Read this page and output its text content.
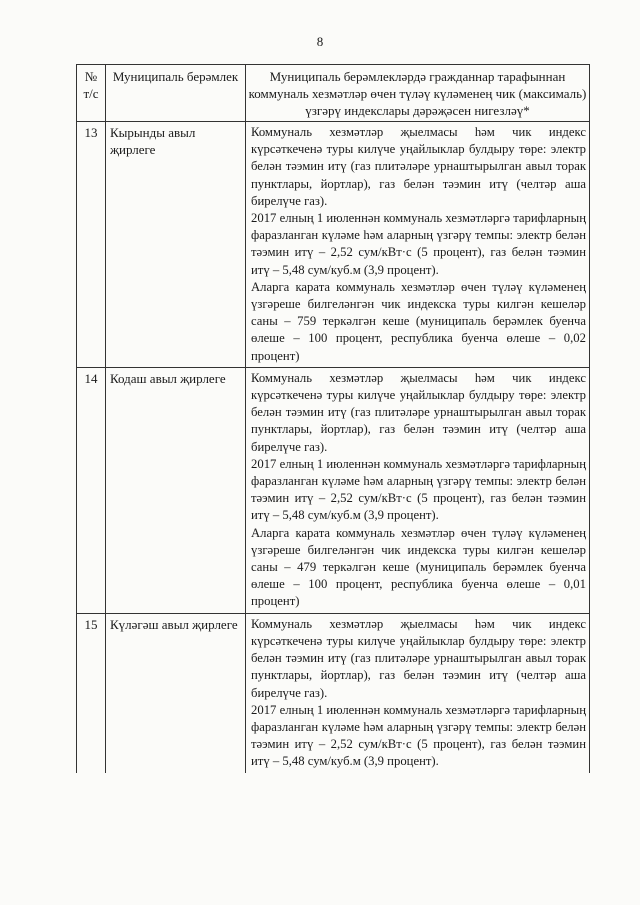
8
№ т/с	Муниципаль берәмлек	Муниципаль берәмлекләрдә гражданнар тарафыннан коммуналь хезмәтләр өчен түләү күләменең чик (максималь) үзгәрү индекслары дәрәҗәсен нигезләү*
13	Кырынды авыл җирлеге	Коммуналь хезмәтләр җыелмасы һәм чик индекс күрсәткеченә туры килүче уңайлыклар булдыру төре: электр белән тәэмин итү (газ плитәләре урнаштырылган авыл торак пунктлары, йортлар), газ белән тәэмин итү (челтәр аша бирелүче газ).

2017 елның 1 июленнән коммуналь хезмәтләргә тарифларның фаразланган күләме һәм аларның үзгәрү темпы: электр белән тәэмин итү – 2,52 сум/кВт·с (5 процент), газ белән тәэмин итү – 5,48 сум/куб.м (3,9 процент).

Аларга карата коммуналь хезмәтләр өчен түләү күләменең үзгәреше билгеләнгән чик индекска туры килгән кешеләр саны – 759 теркәлгән кеше (муниципаль берәмлек буенча өлеше – 100 процент, республика буенча өлеше – 0,02 процент)

14	Кодаш авыл җирлеге	Коммуналь хезмәтләр җыелмасы һәм чик индекс күрсәткеченә туры килүче уңайлыклар булдыру төре: электр белән тәэмин итү (газ плитәләре урнаштырылган авыл торак пунктлары, йортлар), газ белән тәэмин итү (челтәр аша бирелүче газ).

2017 елның 1 июленнән коммуналь хезмәтләргә тарифларның фаразланган күләме һәм аларның үзгәрү темпы: электр белән тәэмин итү – 2,52 сум/кВт·с (5 процент), газ белән тәэмин итү – 5,48 сум/куб.м (3,9 процент).

Аларга карата коммуналь хезмәтләр өчен түләү күләменең үзгәреше билгеләнгән чик индекска туры килгән кешеләр саны – 479 теркәлгән кеше (муниципаль берәмлек буенча өлеше – 100 процент, республика буенча өлеше – 0,01 процент)

15	Күләгәш авыл җирлеге	Коммуналь хезмәтләр җыелмасы һәм чик индекс күрсәткеченә туры килүче уңайлыклар булдыру төре: электр белән тәэмин итү (газ плитәләре урнаштырылган авыл торак пунктлары, йортлар), газ белән тәэмин итү (челтәр аша бирелүче газ).

2017 елның 1 июленнән коммуналь хезмәтләргә тарифларның фаразланган күләме һәм аларның үзгәрү темпы: электр белән тәэмин итү – 2,52 сум/кВт·с (5 процент), газ белән тәэмин итү – 5,48 сум/куб.м (3,9 процент).
